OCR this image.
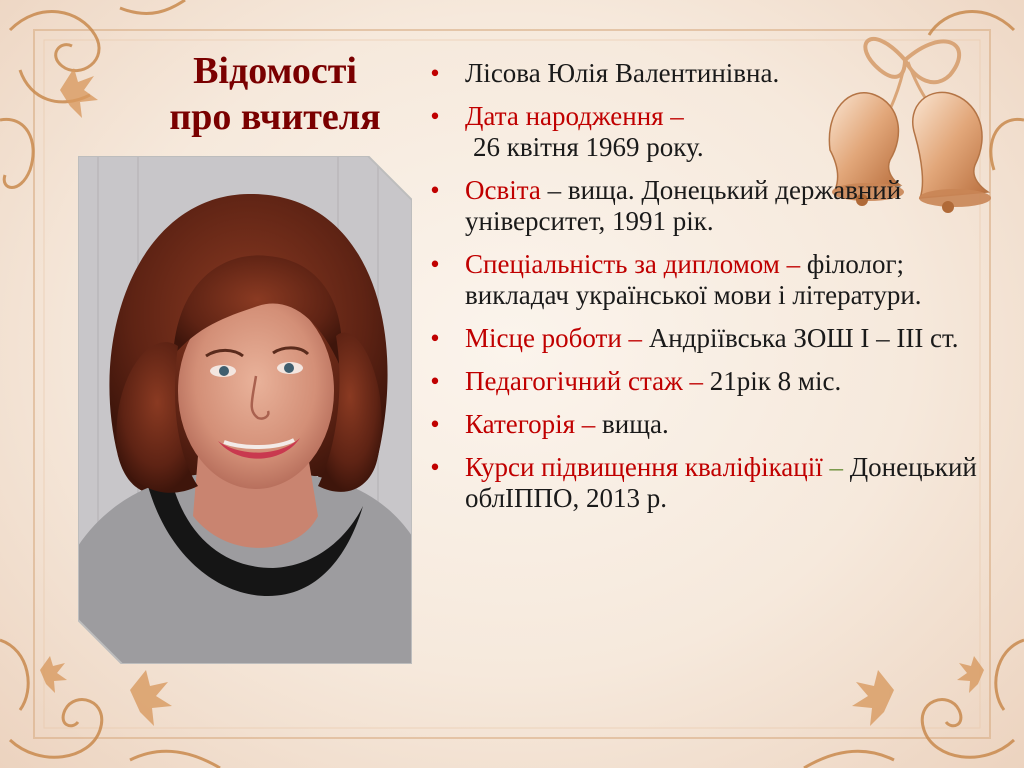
Відомості
про вчителя
• Лісова Юлія Валентинівна.
• Дата народження –
26 квітня 1969 року.
• Освіта – вища. Донецький державний університет, 1991 рік.
• Спеціальність за дипломом – філолог; викладач української мови і літератури.
• Місце роботи – Андріївська ЗОШ І – ІІІ ст.
• Педагогічний стаж – 21рік 8 міс.
• Категорія – вища.
• Курси підвищення кваліфікації – Донецький облІППО, 2013 р.
